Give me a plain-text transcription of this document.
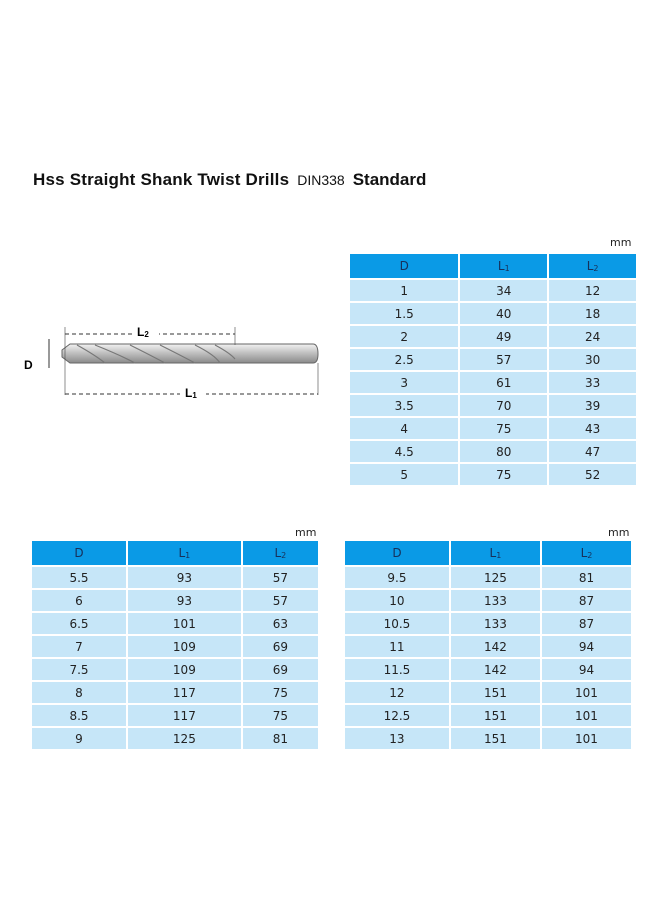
Hss Straight Shank Twist Drills DIN338 Standard
D
$L_2$
$L_1$
mm
D	$L_1$	$L_2$
1	34	12
1.5	40	18
2	49	24
2.5	57	30
3	61	33
3.5	70	39
4	75	43
4.5	80	47
5	75	52
mm
D	$L_1$	$L_2$
5.5	93	57
6	93	57
6.5	101	63
7	109	69
7.5	109	69
8	117	75
8.5	117	75
9	125	81
mm
D	$L_1$	$L_2$
9.5	125	81
10	133	87
10.5	133	87
11	142	94
11.5	142	94
12	151	101
12.5	151	101
13	151	101
